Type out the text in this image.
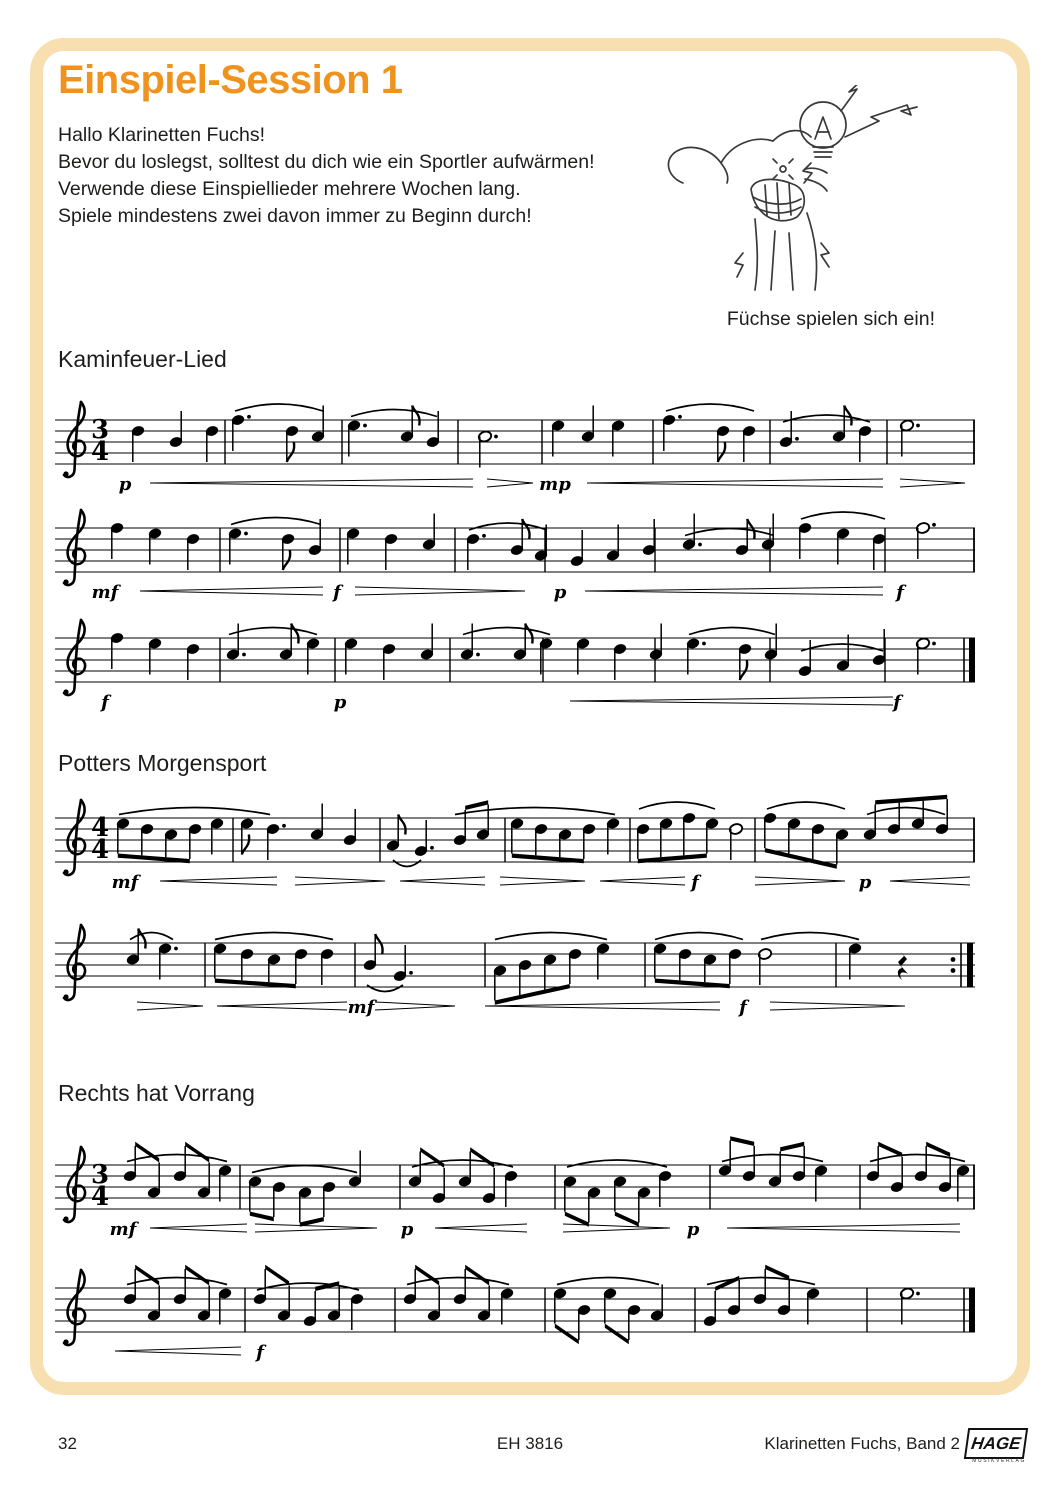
Einspiel-Session 1
Hallo Klarinetten Fuchs!
Bevor du loslegst, solltest du dich wie ein Sportler aufwärmen!
Verwende diese Einspiellieder mehrere Wochen lang.
Spiele mindestens zwei davon immer zu Beginn durch!
Füchse spielen sich ein!
Kaminfeuer-Lied
3
4
p	mp
mf	f	p	f
f	p	f
Potters Morgensport
4
4
mf	f	p
mf	f
Rechts hat Vorrang
3
4
mf	p	p
f
32	EH 3816	Klarinetten Fuchs, Band 2 HAGE
MUSIKVERLAG
